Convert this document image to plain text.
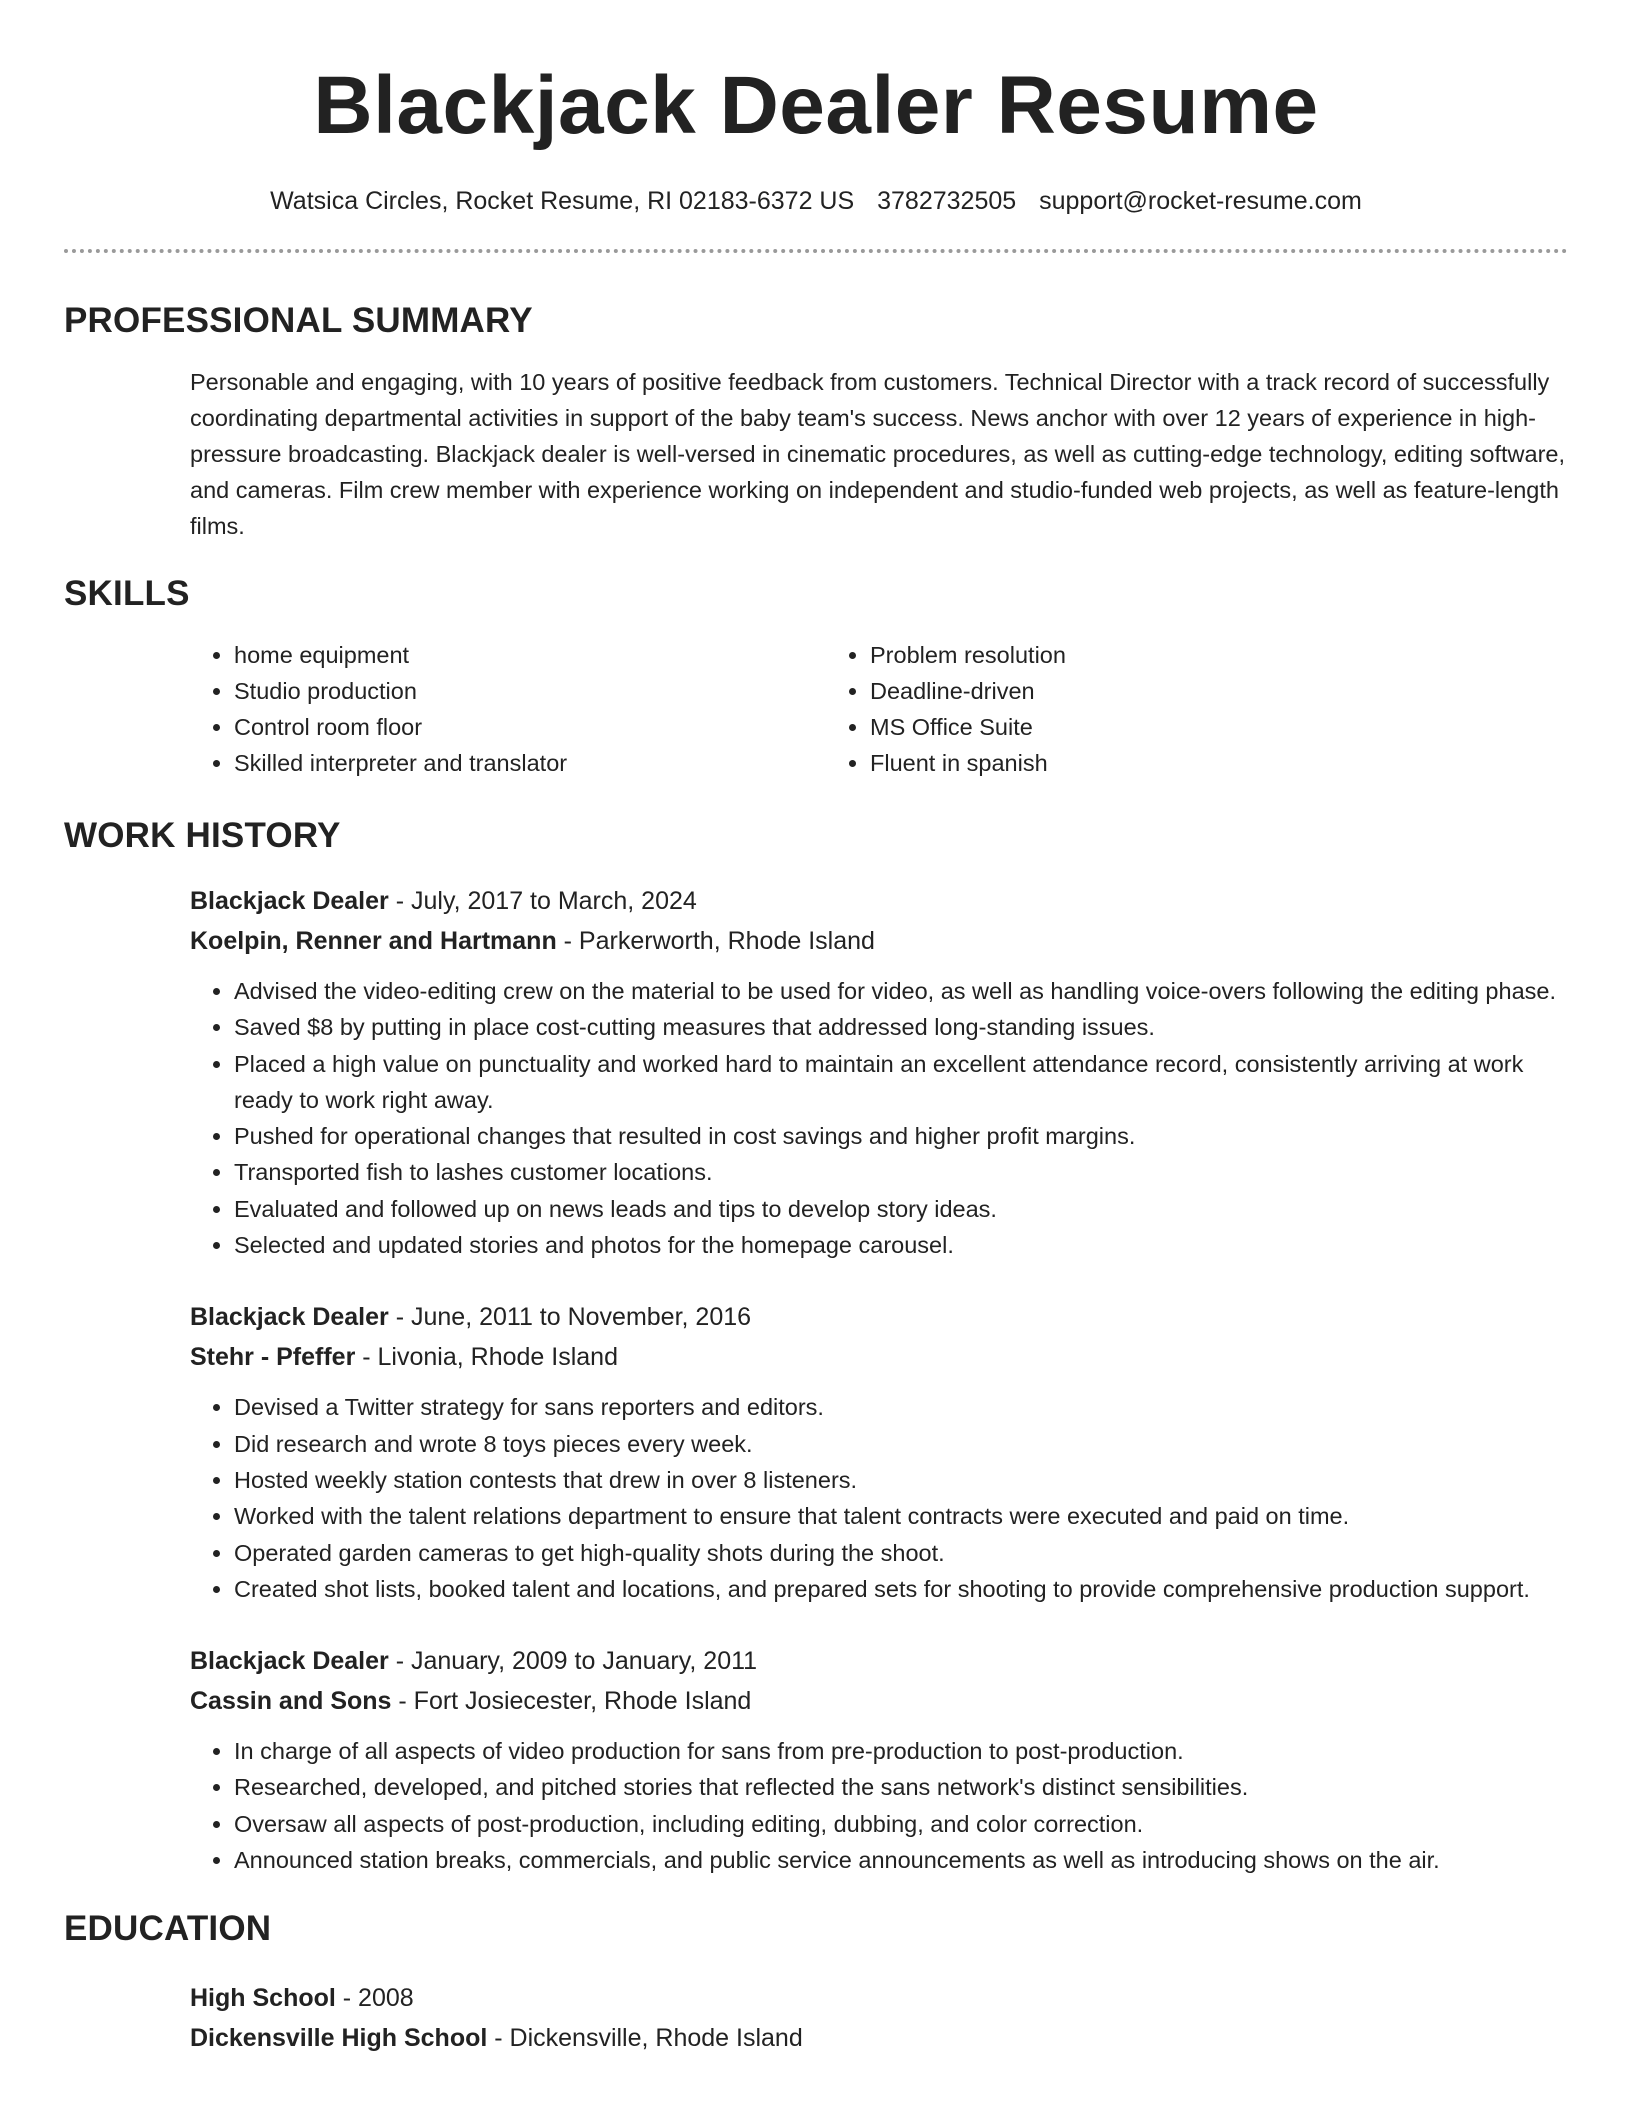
Blackjack Dealer Resume
Watsica Circles, Rocket Resume, RI 02183-6372 US 3782732505 support@rocket-resume.com
PROFESSIONAL SUMMARY

Personable and engaging, with 10 years of positive feedback from customers. Technical Director with a track record of successfully coordinating departmental activities in support of the baby team's success. News anchor with over 12 years of experience in high-pressure broadcasting. Blackjack dealer is well-versed in cinematic procedures, as well as cutting-edge technology, editing software, and cameras. Film crew member with experience working on independent and studio-funded web projects, as well as feature-length films.

SKILLS
• home equipment
• Studio production
• Control room floor
• Skilled interpreter and translator
• Problem resolution
• Deadline-driven
• MS Office Suite
• Fluent in spanish
WORK HISTORY
Blackjack Dealer - July, 2017 to March, 2024
Koelpin, Renner and Hartmann - Parkerworth, Rhode Island
• Advised the video-editing crew on the material to be used for video, as well as handling voice-overs following the editing phase.
• Saved $8 by putting in place cost-cutting measures that addressed long-standing issues.
• Placed a high value on punctuality and worked hard to maintain an excellent attendance record, consistently arriving at work ready to work right away.
• Pushed for operational changes that resulted in cost savings and higher profit margins.
• Transported fish to lashes customer locations.
• Evaluated and followed up on news leads and tips to develop story ideas.
• Selected and updated stories and photos for the homepage carousel.
Blackjack Dealer - June, 2011 to November, 2016
Stehr - Pfeffer - Livonia, Rhode Island
• Devised a Twitter strategy for sans reporters and editors.
• Did research and wrote 8 toys pieces every week.
• Hosted weekly station contests that drew in over 8 listeners.
• Worked with the talent relations department to ensure that talent contracts were executed and paid on time.
• Operated garden cameras to get high-quality shots during the shoot.
• Created shot lists, booked talent and locations, and prepared sets for shooting to provide comprehensive production support.
Blackjack Dealer - January, 2009 to January, 2011
Cassin and Sons - Fort Josiecester, Rhode Island
• In charge of all aspects of video production for sans from pre-production to post-production.
• Researched, developed, and pitched stories that reflected the sans network's distinct sensibilities.
• Oversaw all aspects of post-production, including editing, dubbing, and color correction.
• Announced station breaks, commercials, and public service announcements as well as introducing shows on the air.
EDUCATION
High School - 2008
Dickensville High School - Dickensville, Rhode Island
